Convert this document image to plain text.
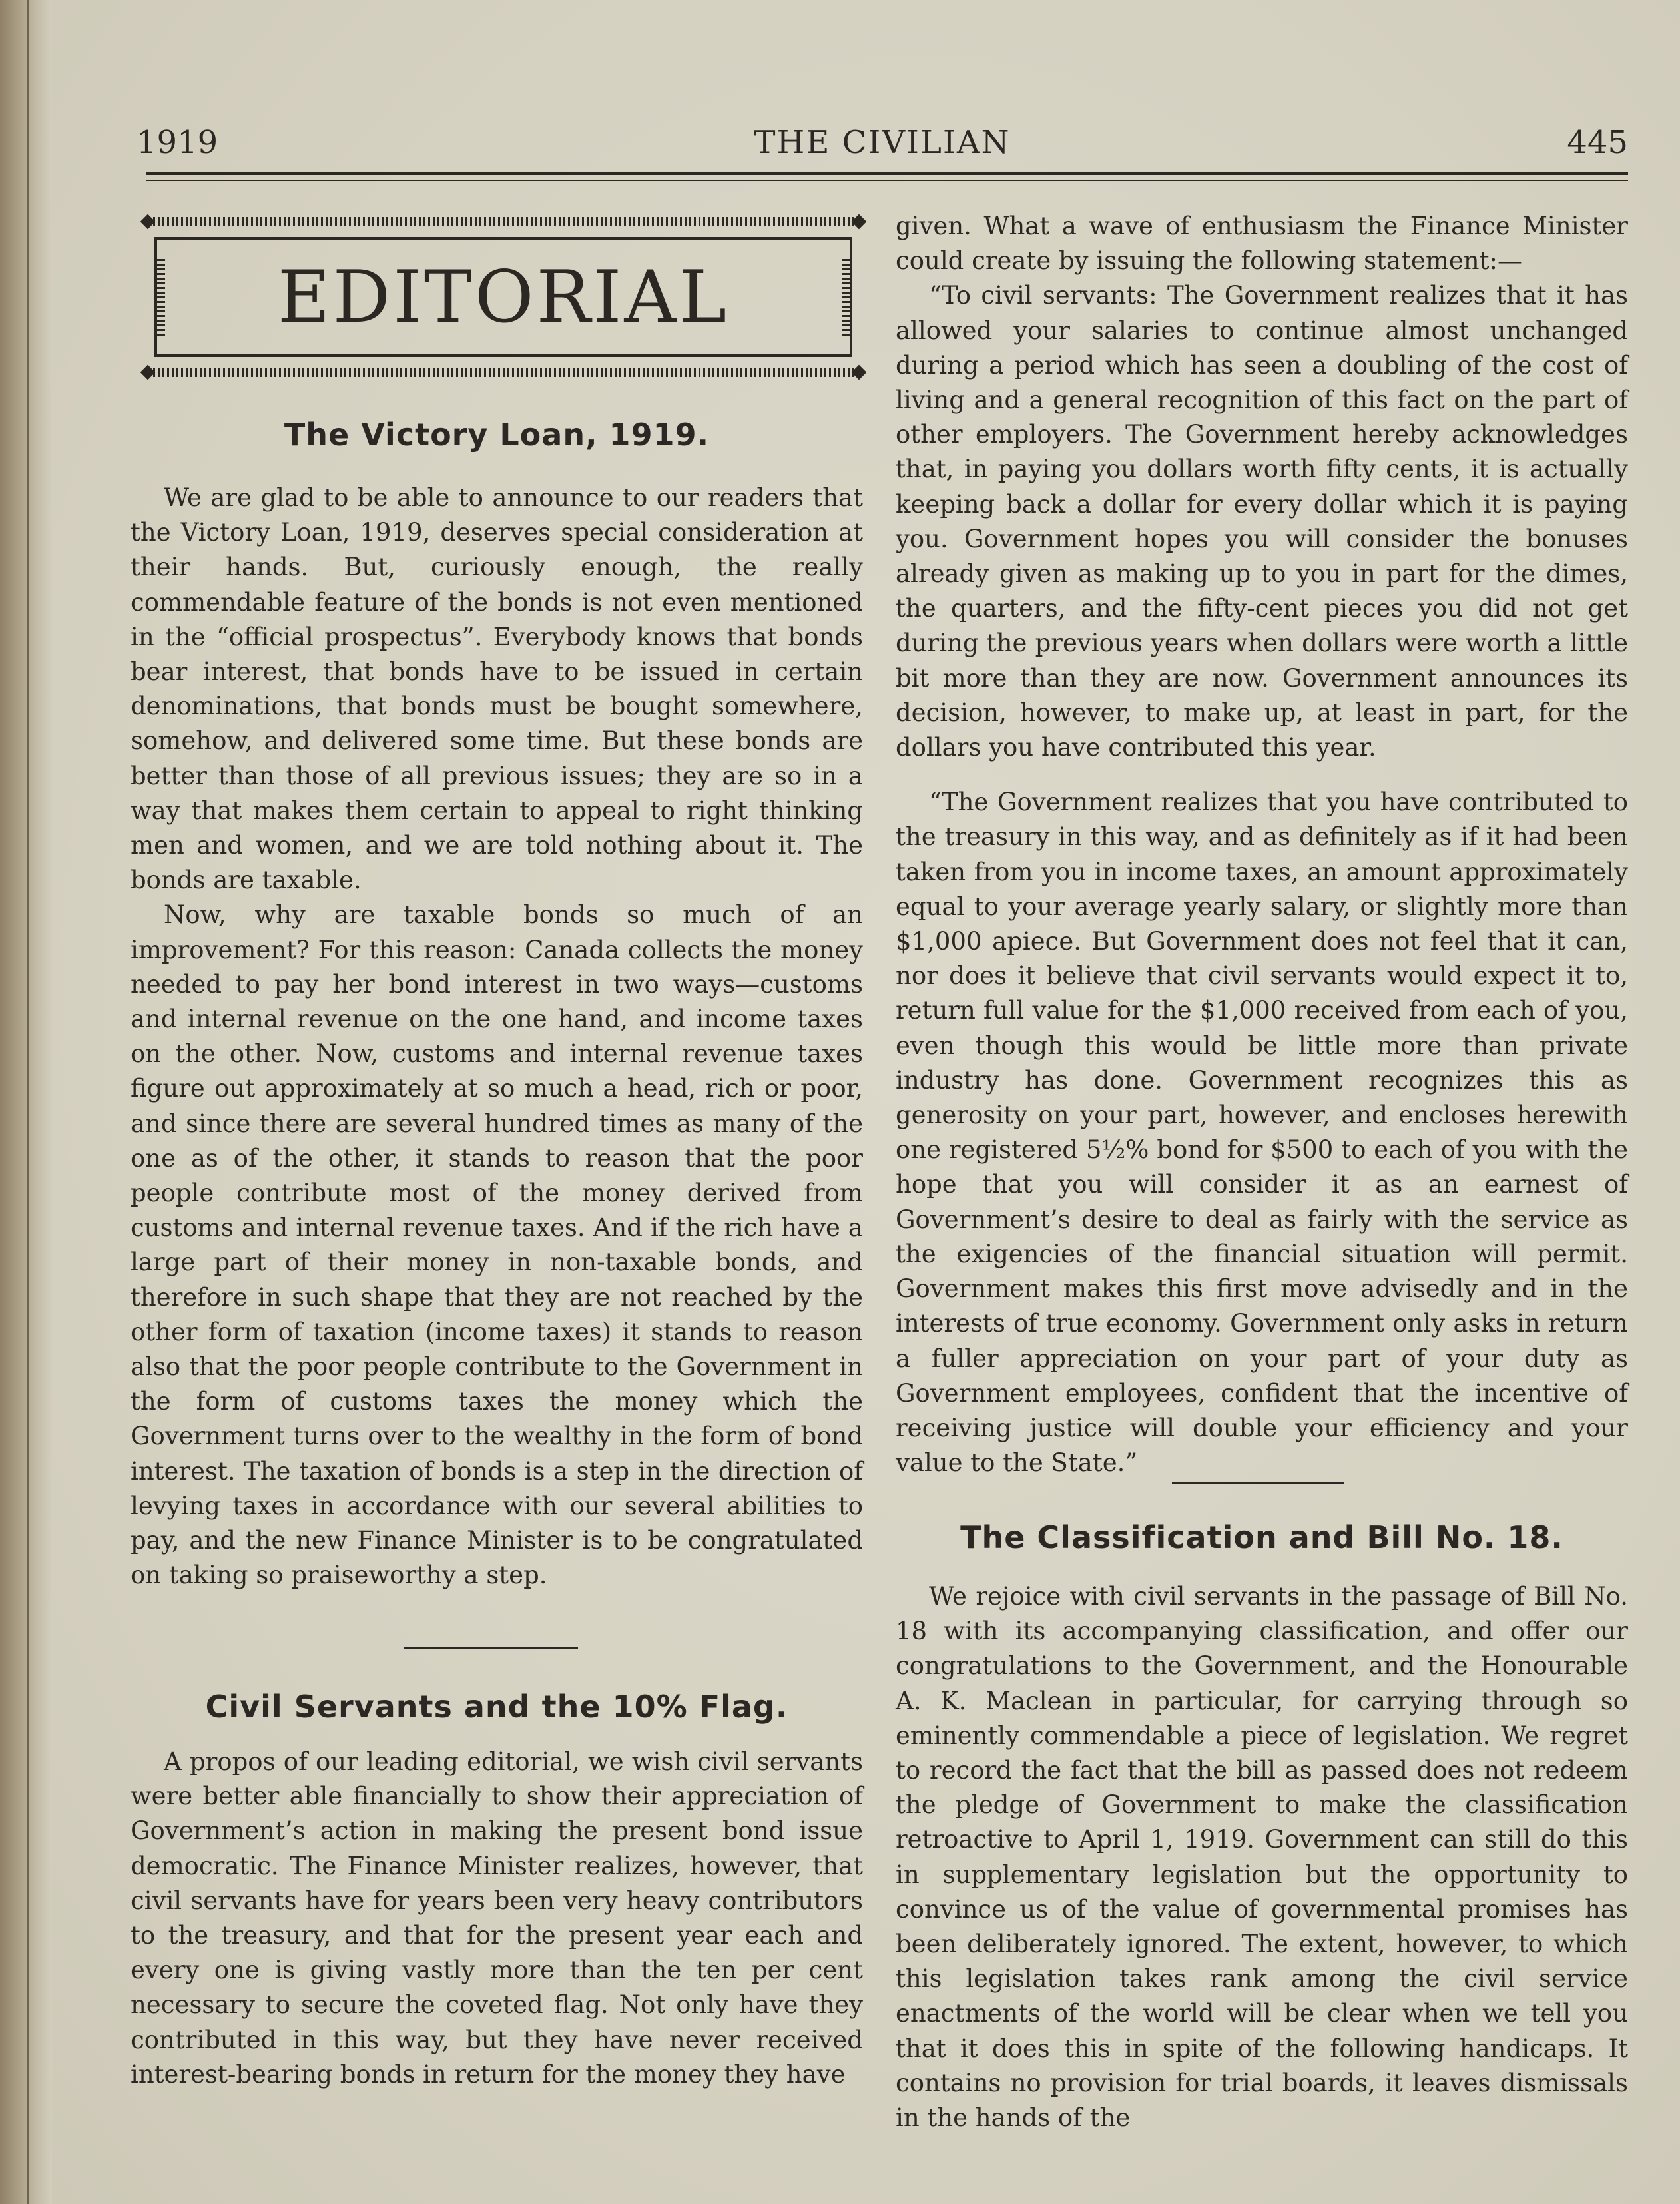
1919	THE CIVILIAN	445
EDITORIAL
The Victory Loan, 1919.

We are glad to be able to announce to our readers that the Victory Loan, 1919, deserves special consideration at their hands. But, curiously enough, the really commendable feature of the bonds is not even mentioned in the “official prospectus”. Everybody knows that bonds bear interest, that bonds have to be issued in certain denominations, that bonds must be bought somewhere, somehow, and delivered some time. But these bonds are better than those of all previous issues; they are so in a way that makes them certain to appeal to right thinking men and women, and we are told nothing about it. The bonds are taxable.

Now, why are taxable bonds so much of an improvement? For this reason: Canada collects the money needed to pay her bond interest in two ways—customs and internal revenue on the one hand, and income taxes on the other. Now, customs and internal revenue taxes figure out approximately at so much a head, rich or poor, and since there are several hundred times as many of the one as of the other, it stands to reason that the poor people contribute most of the money derived from customs and internal revenue taxes. And if the rich have a large part of their money in non-taxable bonds, and therefore in such shape that they are not reached by the other form of taxation (income taxes) it stands to reason also that the poor people contribute to the Government in the form of customs taxes the money which the Government turns over to the wealthy in the form of bond interest. The taxation of bonds is a step in the direction of levying taxes in accordance with our several abilities to pay, and the new Finance Minister is to be congratulated on taking so praiseworthy a step.

Civil Servants and the 10% Flag.

A propos of our leading editorial, we wish civil servants were better able financially to show their appreciation of Government’s action in making the present bond issue democratic. The Finance Minister realizes, however, that civil servants have for years been very heavy contributors to the treasury, and that for the present year each and every one is giving vastly more than the ten per cent necessary to secure the coveted flag. Not only have they contributed in this way, but they have never received interest-bearing bonds in return for the money they have

given. What a wave of enthusiasm the Finance Minister could create by issuing the following statement:—

“To civil servants: The Government realizes that it has allowed your salaries to continue almost unchanged during a period which has seen a doubling of the cost of living and a general recognition of this fact on the part of other employers. The Government hereby acknowledges that, in paying you dollars worth fifty cents, it is actually keeping back a dollar for every dollar which it is paying you. Government hopes you will consider the bonuses already given as making up to you in part for the dimes, the quarters, and the fifty-cent pieces you did not get during the previous years when dollars were worth a little bit more than they are now. Government announces its decision, however, to make up, at least in part, for the dollars you have contributed this year.

“The Government realizes that you have contributed to the treasury in this way, and as definitely as if it had been taken from you in income taxes, an amount approximately equal to your average yearly salary, or slightly more than $1,000 apiece. But Government does not feel that it can, nor does it believe that civil servants would expect it to, return full value for the $1,000 received from each of you, even though this would be little more than private industry has done. Government recognizes this as generosity on your part, however, and encloses herewith one registered 5½% bond for $500 to each of you with the hope that you will consider it as an earnest of Government’s desire to deal as fairly with the service as the exigencies of the financial situation will permit. Government makes this first move advisedly and in the interests of true economy. Government only asks in return a fuller appreciation on your part of your duty as Government employees, confident that the incentive of receiving justice will double your efficiency and your value to the State.”

The Classification and Bill No. 18.

We rejoice with civil servants in the passage of Bill No. 18 with its accompanying classification, and offer our congratulations to the Government, and the Honourable A. K. Maclean in particular, for carrying through so eminently commendable a piece of legislation. We regret to record the fact that the bill as passed does not redeem the pledge of Government to make the classification retroactive to April 1, 1919. Government can still do this in supplementary legislation but the opportunity to convince us of the value of governmental promises has been deliberately ignored. The extent, however, to which this legislation takes rank among the civil service enactments of the world will be clear when we tell you that it does this in spite of the following handicaps. It contains no provision for trial boards, it leaves dismissals in the hands of the
